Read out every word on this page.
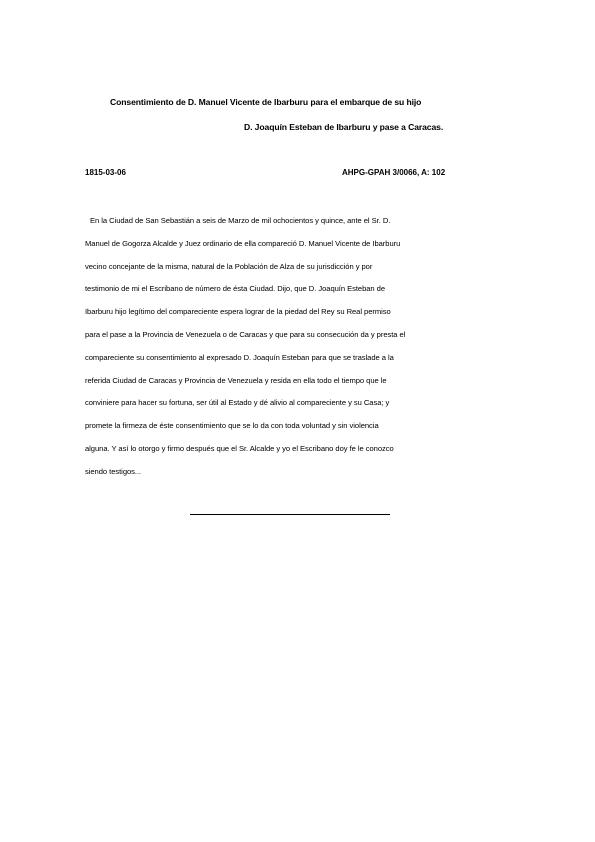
Consentimiento de D. Manuel Vicente de Ibarburu para el embarque de su hijo
D. Joaquín Esteban de Ibarburu y pase a Caracas.
1815-03-06	AHPG-GPAH 3/0066, A: 102
En la Ciudad de San Sebastián a seis de Marzo de mil ochocientos y quince, ante el Sr. D.
Manuel de Gogorza Alcalde y Juez ordinario de ella compareció D. Manuel Vicente de Ibarburu
vecino concejante de la misma, natural de la Población de Alza de su jurisdicción y por
testimonio de mi el Escribano de número de ésta Ciudad. Dijo, que D. Joaquín Esteban de
Ibarburu hijo legítimo del compareciente espera lograr de la piedad del Rey su Real permiso
para el pase a la Provincia de Venezuela o de Caracas y que para su consecución da y presta el
compareciente su consentimiento al expresado D. Joaquín Esteban para que se traslade a la
referida Ciudad de Caracas y Provincia de Venezuela y resida en ella todo el tiempo que le
conviniere para hacer su fortuna, ser útil al Estado y dé alivio al compareciente y su Casa; y
promete la firmeza de éste consentimiento que se lo da con toda voluntad y sin violencia
alguna. Y así lo otorgo y firmo después que el Sr. Alcalde y yo el Escribano doy fe le conozco
siendo testigos...
